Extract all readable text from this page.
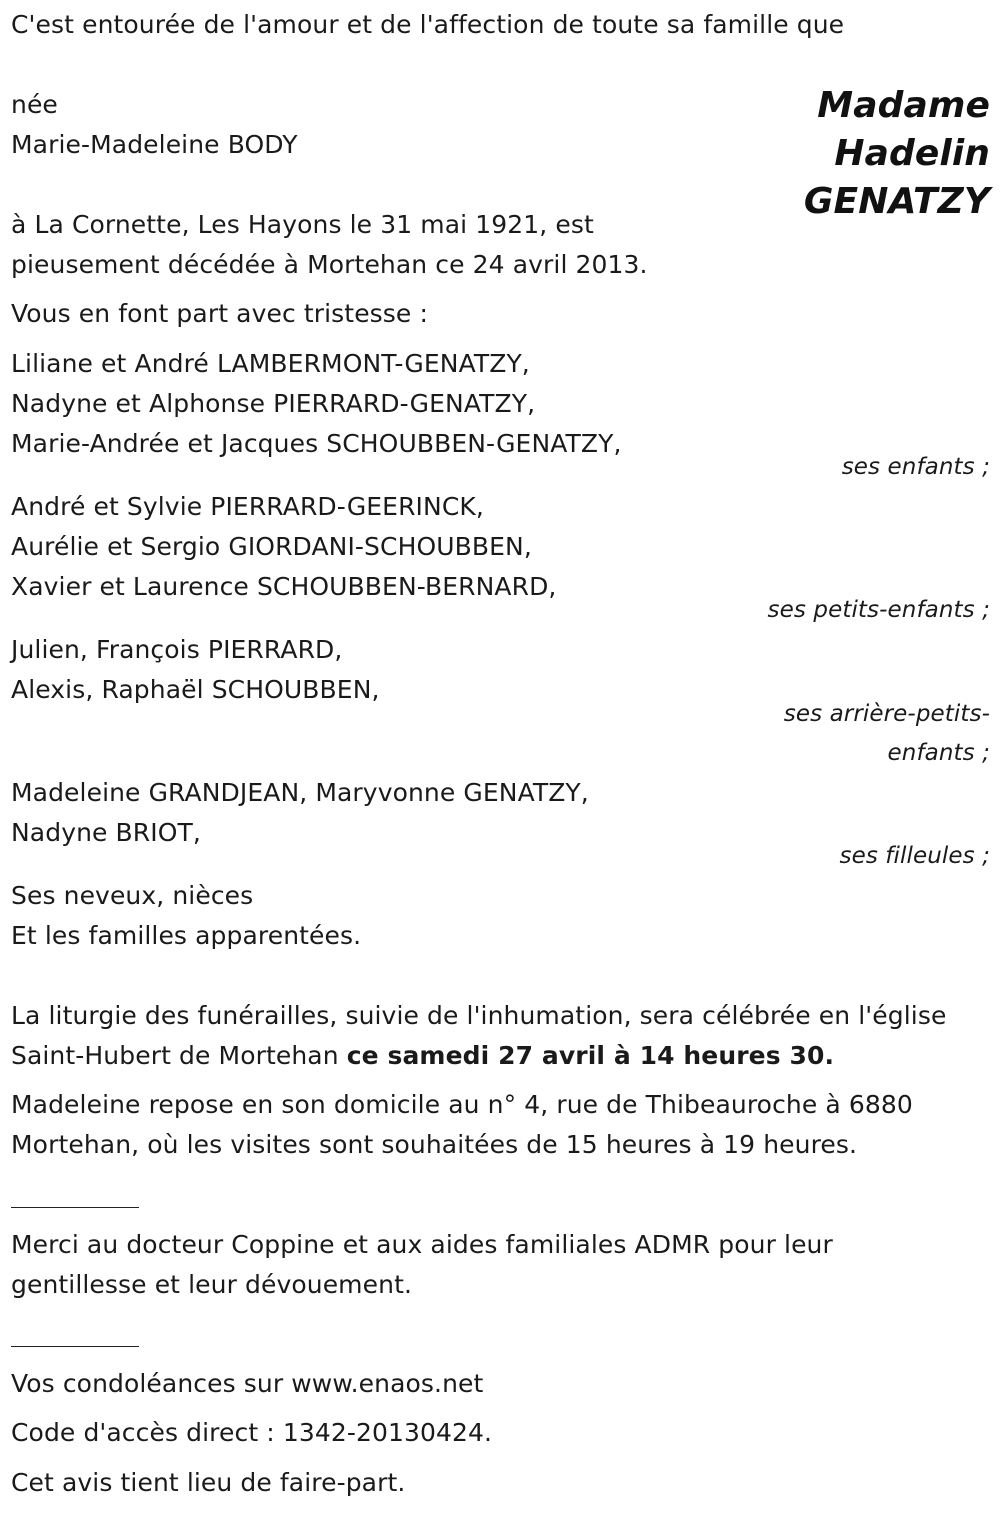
C'est entourée de l'amour et de l'affection de toute sa famille que
Madame
Hadelin
GENATZY
née
Marie-Madeleine BODY
à La Cornette, Les Hayons le 31 mai 1921, est
pieusement décédée à Mortehan ce 24 avril 2013.
Vous en font part avec tristesse :
Liliane et André LAMBERMONT-GENATZY,
Nadyne et Alphonse PIERRARD-GENATZY,
Marie-Andrée et Jacques SCHOUBBEN-GENATZY,
ses enfants ;
André et Sylvie PIERRARD-GEERINCK,
Aurélie et Sergio GIORDANI-SCHOUBBEN,
Xavier et Laurence SCHOUBBEN-BERNARD,
ses petits-enfants ;
Julien, François PIERRARD,
Alexis, Raphaël SCHOUBBEN,
ses arrière-petits-
enfants ;
Madeleine GRANDJEAN, Maryvonne GENATZY,
Nadyne BRIOT,
ses filleules ;
Ses neveux, nièces
Et les familles apparentées.
La liturgie des funérailles, suivie de l'inhumation, sera célébrée en l'église
Saint-Hubert de Mortehan ce samedi 27 avril à 14 heures 30.
Madeleine repose en son domicile au n° 4, rue de Thibeauroche à 6880
Mortehan, où les visites sont souhaitées de 15 heures à 19 heures.
Merci au docteur Coppine et aux aides familiales ADMR pour leur
gentillesse et leur dévouement.
Vos condoléances sur www.enaos.net
Code d'accès direct : 1342-20130424.
Cet avis tient lieu de faire-part.
